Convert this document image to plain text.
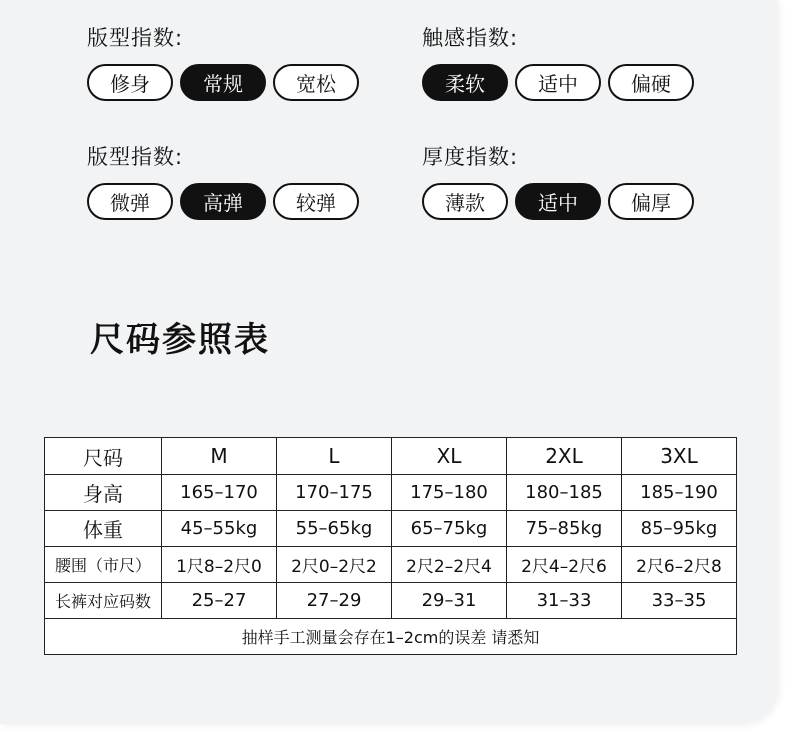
版型指数:
修身	常规	宽松
触感指数:
柔软	适中	偏硬
版型指数:
微弹	高弹	较弹
厚度指数:
薄款	适中	偏厚
尺码参照表
尺码	M	L	XL	2XL	3XL
身高	165–170	170–175	175–180	180–185	185–190
体重	45–55kg	55–65kg	65–75kg	75–85kg	85–95kg
腰围（市尺）	1尺8–2尺0	2尺0–2尺2	2尺2–2尺4	2尺4–2尺6	2尺6–2尺8
长裤对应码数	25–27	27–29	29–31	31–33	33–35
抽样手工测量会存在1–2cm的误差 请悉知					
